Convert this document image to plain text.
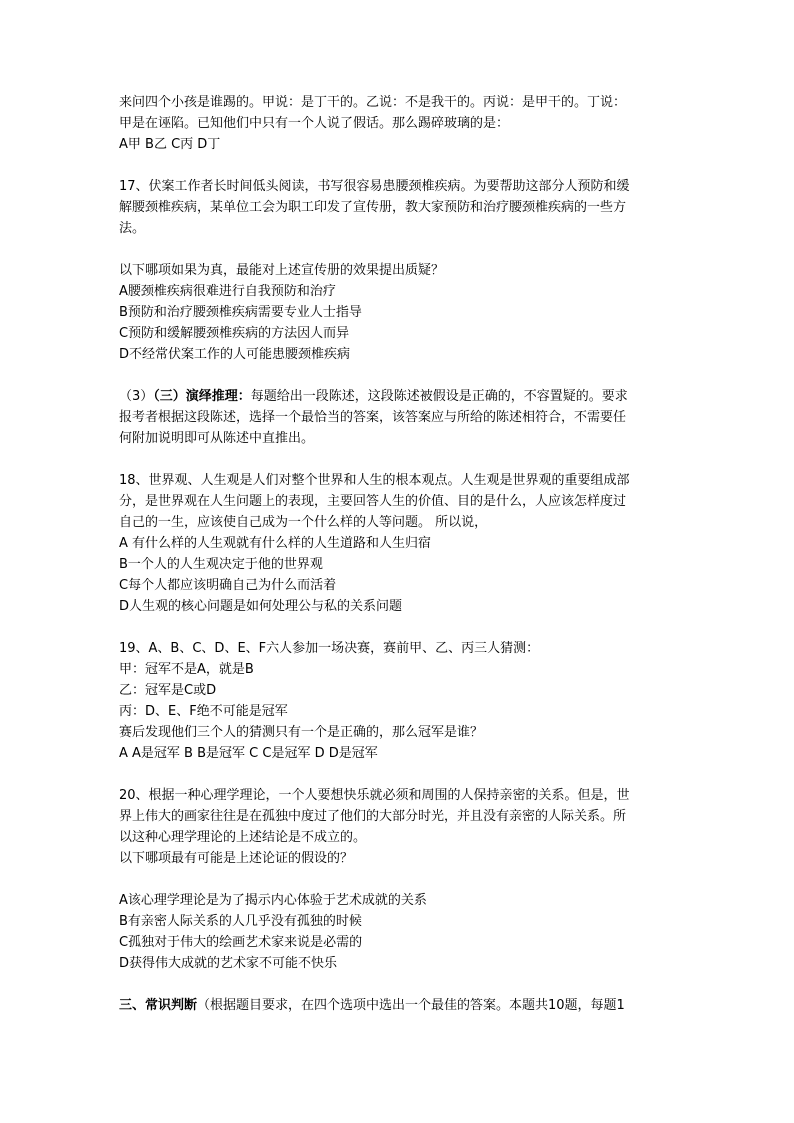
来问四个小孩是谁踢的。甲说：是丁干的。乙说：不是我干的。丙说：是甲干的。丁说：
甲是在诬陷。已知他们中只有一个人说了假话。那么踢碎玻璃的是：
A甲 B乙 C丙 D丁
17、伏案工作者长时间低头阅读，书写很容易患腰颈椎疾病。为要帮助这部分人预防和缓
解腰颈椎疾病，某单位工会为职工印发了宣传册，教大家预防和治疗腰颈椎疾病的一些方
法。
以下哪项如果为真，最能对上述宣传册的效果提出质疑？
A腰颈椎疾病很难进行自我预防和治疗
B预防和治疗腰颈椎疾病需要专业人士指导
C预防和缓解腰颈椎疾病的方法因人而异
D不经常伏案工作的人可能患腰颈椎疾病
（3）（三）演绎推理：每题给出一段陈述，这段陈述被假设是正确的，不容置疑的。要求
报考者根据这段陈述，选择一个最恰当的答案，该答案应与所给的陈述相符合，不需要任
何附加说明即可从陈述中直推出。
18、世界观、人生观是人们对整个世界和人生的根本观点。人生观是世界观的重要组成部
分，是世界观在人生问题上的表现，主要回答人生的价值、目的是什么，人应该怎样度过
自己的一生，应该使自己成为一个什么样的人等问题。 所以说，
A 有什么样的人生观就有什么样的人生道路和人生归宿
B一个人的人生观决定于他的世界观
C每个人都应该明确自己为什么而活着
D人生观的核心问题是如何处理公与私的关系问题
19、A、B、C、D、E、F六人参加一场决赛，赛前甲、乙、丙三人猜测：
甲：冠军不是A，就是B
乙：冠军是C或D
丙：D、E、F绝不可能是冠军
赛后发现他们三个人的猜测只有一个是正确的，那么冠军是谁？
A A是冠军 B B是冠军 C C是冠军 D D是冠军
20、根据一种心理学理论，一个人要想快乐就必须和周围的人保持亲密的关系。但是，世
界上伟大的画家往往是在孤独中度过了他们的大部分时光，并且没有亲密的人际关系。所
以这种心理学理论的上述结论是不成立的。
以下哪项最有可能是上述论证的假设的？
A该心理学理论是为了揭示内心体验于艺术成就的关系
B有亲密人际关系的人几乎没有孤独的时候
C孤独对于伟大的绘画艺术家来说是必需的
D获得伟大成就的艺术家不可能不快乐
三、常识判断（根据题目要求，在四个选项中选出一个最佳的答案。本题共10题，每题1
